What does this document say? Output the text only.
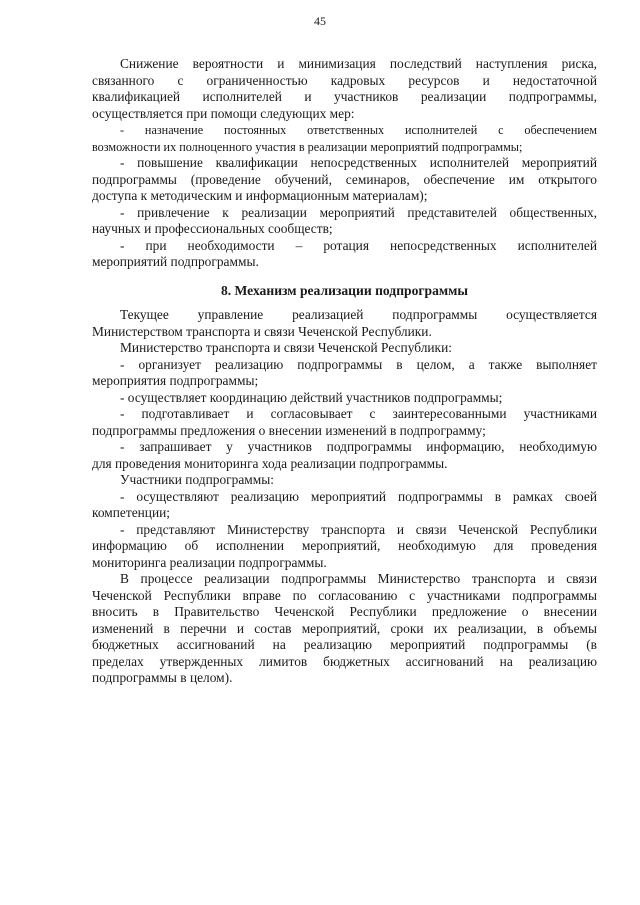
45
Снижение вероятности и минимизация последствий наступления риска,
связанного с ограниченностью кадровых ресурсов и недостаточной
квалификацией исполнителей и участников реализации подпрограммы,
осуществляется при помощи следующих мер:
- назначение постоянных ответственных исполнителей с обеспечением
возможности их полноценного участия в реализации мероприятий подпрограммы;
- повышение квалификации непосредственных исполнителей мероприятий
подпрограммы (проведение обучений, семинаров, обеспечение им открытого
доступа к методическим и информационным материалам);
- привлечение к реализации мероприятий представителей общественных,
научных и профессиональных сообществ;
- при необходимости – ротация непосредственных исполнителей
мероприятий подпрограммы.
8. Механизм реализации подпрограммы
Текущее управление реализацией подпрограммы осуществляется
Министерством транспорта и связи Чеченской Республики.
Министерство транспорта и связи Чеченской Республики:
- организует реализацию подпрограммы в целом, а также выполняет
мероприятия подпрограммы;
- осуществляет координацию действий участников подпрограммы;
- подготавливает и согласовывает с заинтересованными участниками
подпрограммы предложения о внесении изменений в подпрограмму;
- запрашивает у участников подпрограммы информацию, необходимую
для проведения мониторинга хода реализации подпрограммы.
Участники подпрограммы:
- осуществляют реализацию мероприятий подпрограммы в рамках своей
компетенции;
- представляют Министерству транспорта и связи Чеченской Республики
информацию об исполнении мероприятий, необходимую для проведения
мониторинга реализации подпрограммы.
В процессе реализации подпрограммы Министерство транспорта и связи
Чеченской Республики вправе по согласованию с участниками подпрограммы
вносить в Правительство Чеченской Республики предложение о внесении
изменений в перечни и состав мероприятий, сроки их реализации, в объемы
бюджетных ассигнований на реализацию мероприятий подпрограммы (в
пределах утвержденных лимитов бюджетных ассигнований на реализацию
подпрограммы в целом).
